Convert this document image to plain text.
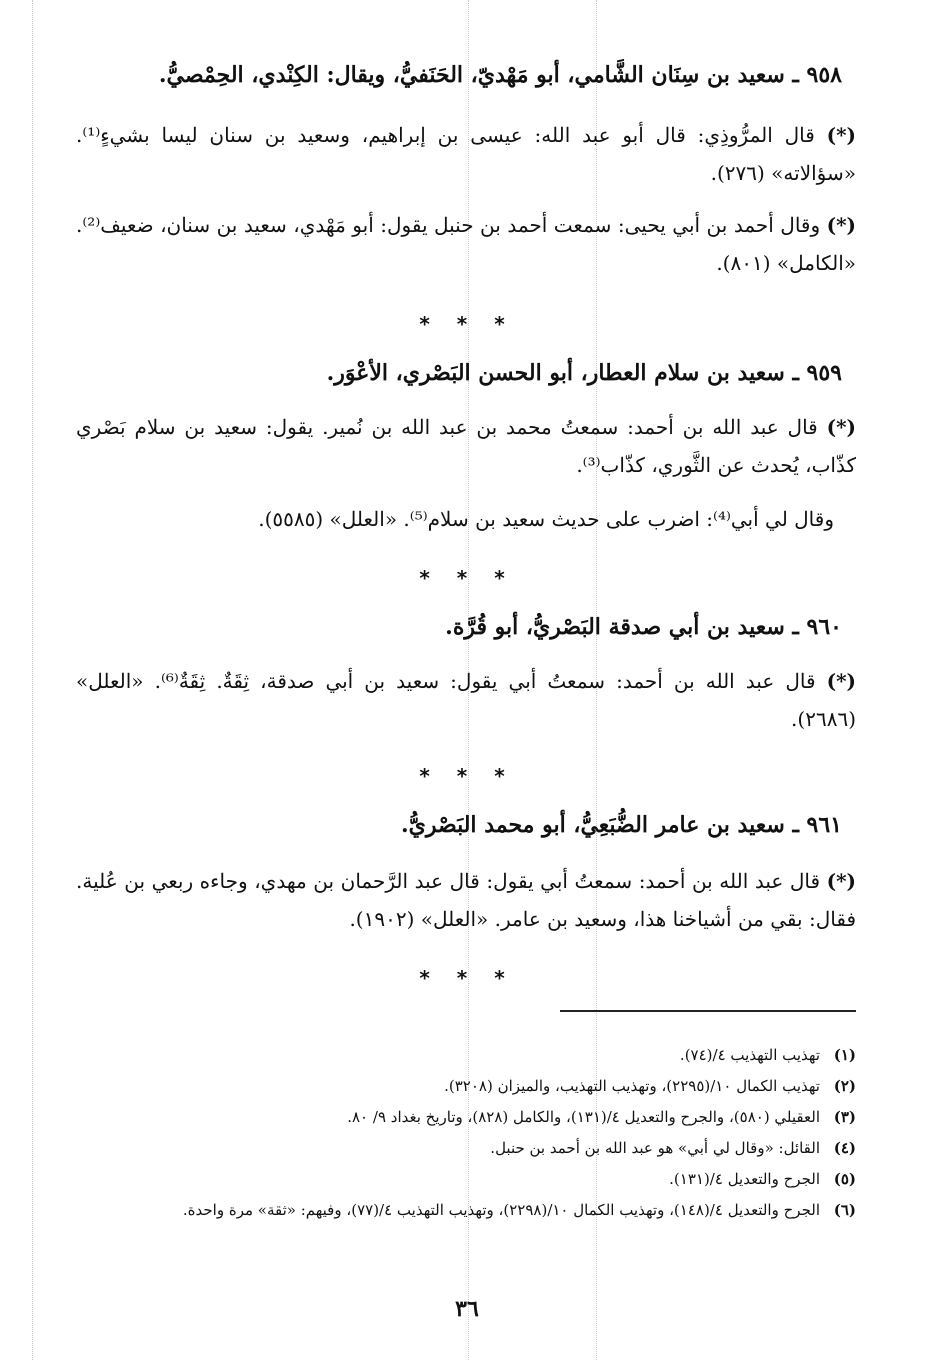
٩٥٨ ـ سعيد بن سِنَان الشَّامي، أبو مَهْديّ، الحَنَفيُّ، ويقال: الكِنْدي، الحِمْصيُّ.
(*) قال المرُّوذِي: قال أبو عبد الله: عيسى بن إبراهيم، وسعيد بن سنان ليسا بشيءٍ⁽¹⁾. «سؤالاته» (٢٧٦).
(*) وقال أحمد بن أبي يحيى: سمعت أحمد بن حنبل يقول: أبو مَهْدي، سعيد بن سنان، ضعيف⁽²⁾. «الكامل» (٨٠١).
* * *
٩٥٩ ـ سعيد بن سلام العطار، أبو الحسن البَصْري، الأعْوَر.
(*) قال عبد الله بن أحمد: سمعتُ محمد بن عبد الله بن نُمير. يقول: سعيد بن سلام بَصْري كذّاب، يُحدث عن الثَّوري، كذّاب⁽³⁾.
وقال لي أبي⁽⁴⁾: اضرب على حديث سعيد بن سلام⁽⁵⁾. «العلل» (٥٥٨٥).
* * *
٩٦٠ ـ سعيد بن أبي صدقة البَصْريُّ، أبو قُرَّة.
(*) قال عبد الله بن أحمد: سمعتُ أبي يقول: سعيد بن أبي صدقة، ثِقَةٌ. ثِقَةٌ⁽⁶⁾. «العلل» (٢٦٨٦).
* * *
٩٦١ ـ سعيد بن عامر الضُّبَعِيُّ، أبو محمد البَصْريُّ.
(*) قال عبد الله بن أحمد: سمعتُ أبي يقول: قال عبد الرَّحمان بن مهدي، وجاءه ربعي بن عُلية. فقال: بقي من أشياخنا هذا، وسعيد بن عامر. «العلل» (١٩٠٢).
* * *
(١)
تهذيب التهذيب ٤/(٧٤).
(٢)
تهذيب الكمال ١٠/(٢٢٩٥)، وتهذيب التهذيب، والميزان (٣٢٠٨).
(٣)
العقيلي (٥٨٠)، والجرح والتعديل ٤/(١٣١)، والكامل (٨٢٨)، وتاريخ بغداد ٩/ ٨٠.
(٤)
القائل: «وقال لي أبي» هو عبد الله بن أحمد بن حنبل.
(٥)
الجرح والتعديل ٤/(١٣١).
(٦)
الجرح والتعديل ٤/(١٤٨)، وتهذيب الكمال ١٠/(٢٢٩٨)، وتهذيب التهذيب ٤/(٧٧)، وفيهم: «ثقة» مرة واحدة.
٣٦
